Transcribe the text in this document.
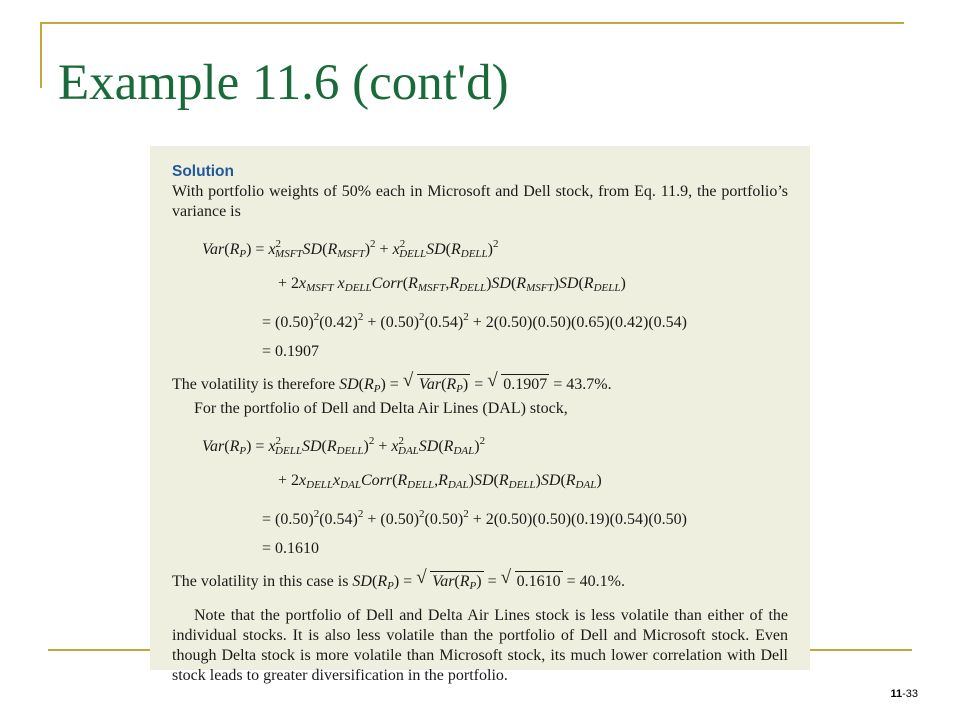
Example 11.6 (cont'd)
Solution
With portfolio weights of 50% each in Microsoft and Dell stock, from Eq. 11.9, the portfolio’s variance is
$Var(R_P) = x^2_{MSFT}SD(R_{MSFT})^2 + x^2_{DELL}SD(R_{DELL})^2$
+ $2x_{MSFT}$ $x_{DELL}Corr(R_{MSFT},R_{DELL})SD(R_{MSFT})SD(R_{DELL})$
= $(0.50)^2(0.42)^2 + (0.50)^2(0.54)^2 + 2(0.50)(0.50)(0.65)(0.42)(0.54)$
= 0.1907
The volatility is therefore $SD(R_P)$ = √ $Var(R_P)$ = √ 0.1907 = 43.7%.
For the portfolio of Dell and Delta Air Lines (DAL) stock,
$Var(R_P) = x^2_{DELL}SD(R_{DELL})^2 + x^2_{DAL}SD(R_{DAL})^2$
+ $2x_{DELL}x_{DAL}Corr(R_{DELL},R_{DAL})SD(R_{DELL})SD(R_{DAL})$
= $(0.50)^2(0.54)^2 + (0.50)^2(0.50)^2 + 2(0.50)(0.50)(0.19)(0.54)(0.50)$
= 0.1610
The volatility in this case is $SD(R_P)$ = √ $Var(R_P)$ = √ 0.1610 = 40.1%.
Note that the portfolio of Dell and Delta Air Lines stock is less volatile than either of the individual stocks. It is also less volatile than the portfolio of Dell and Microsoft stock. Even though Delta stock is more volatile than Microsoft stock, its much lower correlation with Dell stock leads to greater diversification in the portfolio.
11-33
